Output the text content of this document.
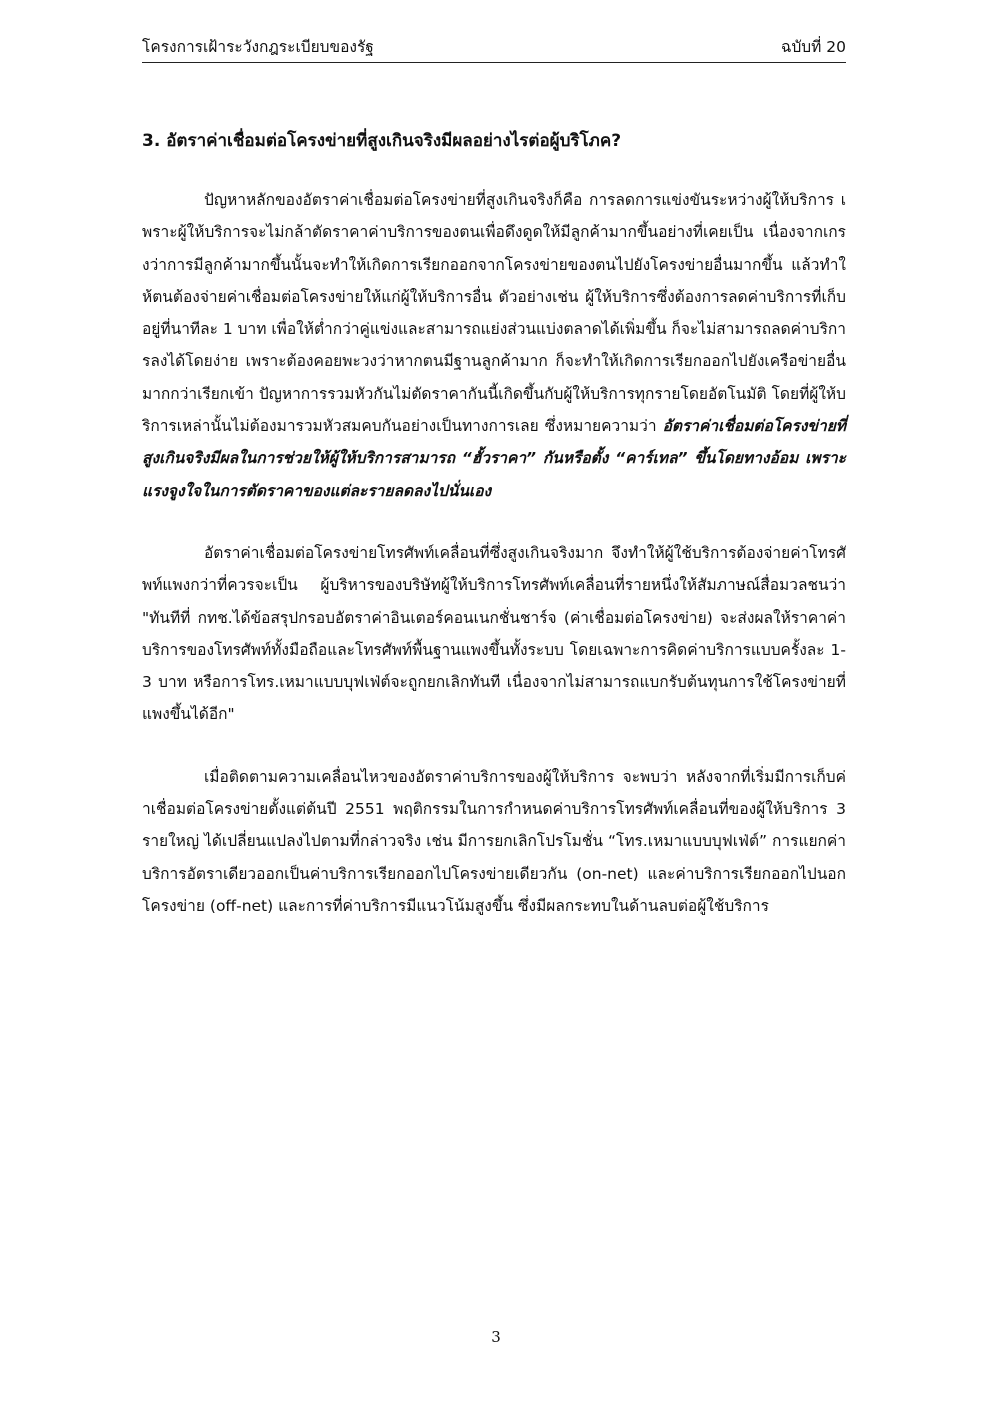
โครงการเฝ้าระวังกฎระเบียบของรัฐ	ฉบับที่ 20
3. อัตราค่าเชื่อมต่อโครงข่ายที่สูงเกินจริงมีผลอย่างไรต่อผู้บริโภค?

ปัญหาหลักของอัตราค่าเชื่อมต่อโครงข่ายที่สูงเกินจริงก็คือ การลดการแข่งขันระหว่างผู้ให้บริการ เพราะผู้ให้บริการจะไม่กล้าตัดราคาค่าบริการของตนเพื่อดึงดูดให้มีลูกค้ามากขึ้นอย่างที่เคยเป็น เนื่องจากเกรงว่าการมีลูกค้ามากขึ้นนั้นจะทำให้เกิดการเรียกออกจากโครงข่ายของตนไปยังโครงข่ายอื่นมากขึ้น แล้วทำให้ตนต้องจ่ายค่าเชื่อมต่อโครงข่ายให้แก่ผู้ให้บริการอื่น ตัวอย่างเช่น ผู้ให้บริการซึ่งต้องการลดค่าบริการที่เก็บอยู่ที่นาทีละ 1 บาท เพื่อให้ต่ำกว่าคู่แข่งและสามารถแย่งส่วนแบ่งตลาดได้เพิ่มขึ้น ก็จะไม่สามารถลดค่าบริการลงได้โดยง่าย เพราะต้องคอยพะวงว่าหากตนมีฐานลูกค้ามาก ก็จะทำให้เกิดการเรียกออกไปยังเครือข่ายอื่นมากกว่าเรียกเข้า ปัญหาการรวมหัวกันไม่ตัดราคากันนี้เกิดขึ้นกับผู้ให้บริการทุกรายโดยอัตโนมัติ โดยที่ผู้ให้บริการเหล่านั้นไม่ต้องมารวมหัวสมคบกันอย่างเป็นทางการเลย ซึ่งหมายความว่า อัตราค่าเชื่อมต่อโครงข่ายที่สูงเกินจริงมีผลในการช่วยให้ผู้ให้บริการสามารถ “ฮั้วราคา” กันหรือตั้ง “คาร์เทล” ขึ้นโดยทางอ้อม เพราะแรงจูงใจในการตัดราคาของแต่ละรายลดลงไปนั่นเอง

อัตราค่าเชื่อมต่อโครงข่ายโทรศัพท์เคลื่อนที่ซึ่งสูงเกินจริงมาก จึงทำให้ผู้ใช้บริการต้องจ่ายค่าโทรศัพท์แพงกว่าที่ควรจะเป็น ผู้บริหารของบริษัทผู้ให้บริการโทรศัพท์เคลื่อนที่รายหนึ่งให้สัมภาษณ์สื่อมวลชนว่า "ทันทีที่ กทช.ได้ข้อสรุปกรอบอัตราค่าอินเตอร์คอนเนกชั่นชาร์จ (ค่าเชื่อมต่อโครงข่าย) จะส่งผลให้ราคาค่าบริการของโทรศัพท์ทั้งมือถือและโทรศัพท์พื้นฐานแพงขึ้นทั้งระบบ โดยเฉพาะการคิดค่าบริการแบบครั้งละ 1-3 บาท หรือการโทร.เหมาแบบบุฟเฟ่ต์จะถูกยกเลิกทันที เนื่องจากไม่สามารถแบกรับต้นทุนการใช้โครงข่ายที่แพงขึ้นได้อีก"

เมื่อติดตามความเคลื่อนไหวของอัตราค่าบริการของผู้ให้บริการ จะพบว่า หลังจากที่เริ่มมีการเก็บค่าเชื่อมต่อโครงข่ายตั้งแต่ต้นปี 2551 พฤติกรรมในการกำหนดค่าบริการโทรศัพท์เคลื่อนที่ของผู้ให้บริการ 3 รายใหญ่ ได้เปลี่ยนแปลงไปตามที่กล่าวจริง เช่น มีการยกเลิกโปรโมชั่น “โทร.เหมาแบบบุฟเฟ่ต์” การแยกค่าบริการอัตราเดียวออกเป็นค่าบริการเรียกออกไปโครงข่ายเดียวกัน (on-net) และค่าบริการเรียกออกไปนอกโครงข่าย (off-net) และการที่ค่าบริการมีแนวโน้มสูงขึ้น ซึ่งมีผลกระทบในด้านลบต่อผู้ใช้บริการ

3
